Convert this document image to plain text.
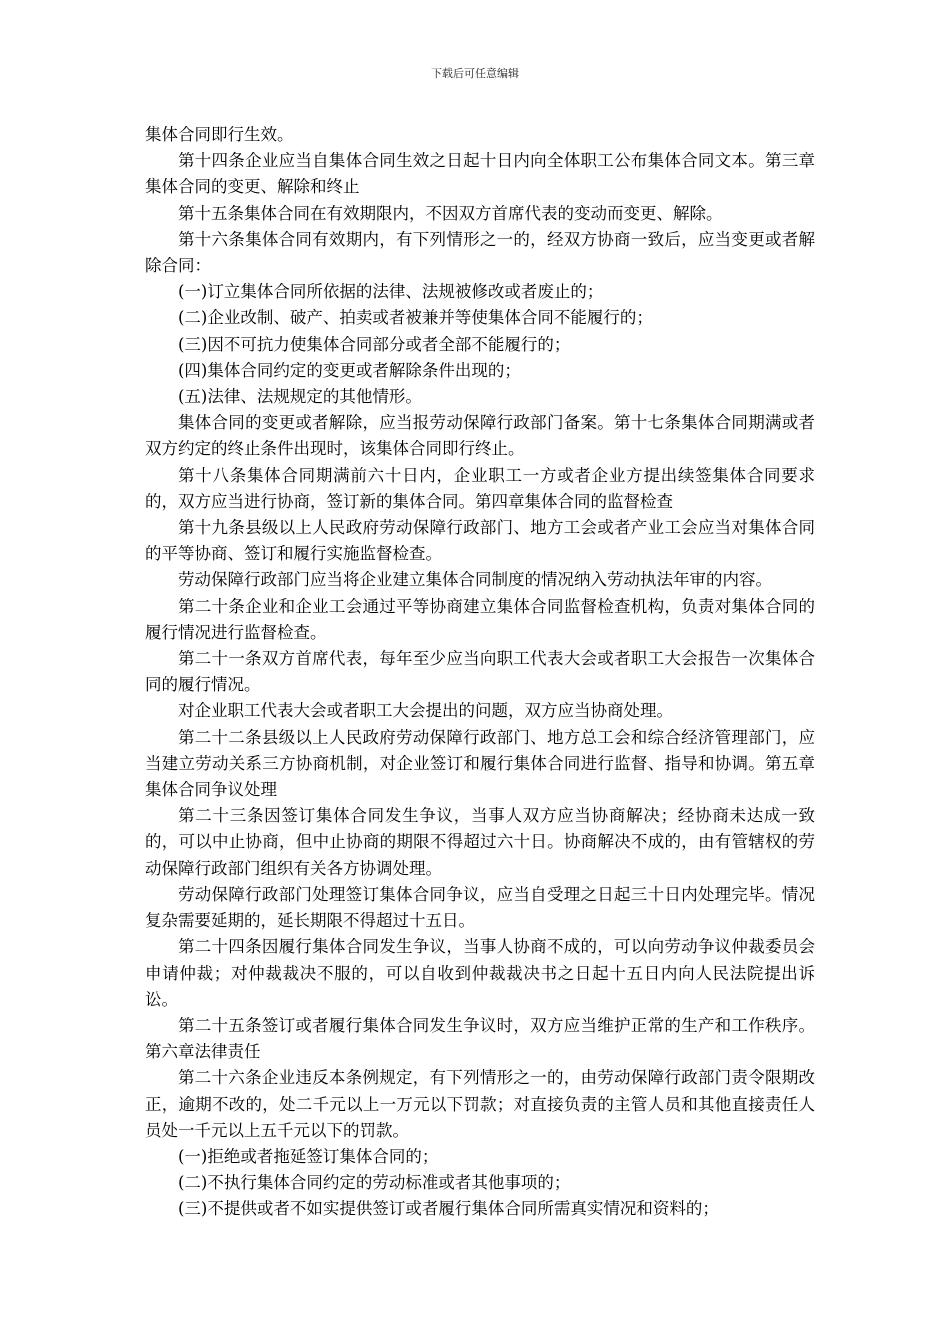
下载后可任意编辑

集体合同即行生效。

第十四条企业应当自集体合同生效之日起十日内向全体职工公布集体合同文本。第三章集体合同的变更、解除和终止

第十五条集体合同在有效期限内，不因双方首席代表的变动而变更、解除。

第十六条集体合同有效期内，有下列情形之一的，经双方协商一致后，应当变更或者解除合同：

(一)订立集体合同所依据的法律、法规被修改或者废止的；

(二)企业改制、破产、拍卖或者被兼并等使集体合同不能履行的；

(三)因不可抗力使集体合同部分或者全部不能履行的；

(四)集体合同约定的变更或者解除条件出现的；

(五)法律、法规规定的其他情形。

集体合同的变更或者解除，应当报劳动保障行政部门备案。第十七条集体合同期满或者双方约定的终止条件出现时，该集体合同即行终止。

第十八条集体合同期满前六十日内，企业职工一方或者企业方提出续签集体合同要求的，双方应当进行协商，签订新的集体合同。第四章集体合同的监督检查

第十九条县级以上人民政府劳动保障行政部门、地方工会或者产业工会应当对集体合同的平等协商、签订和履行实施监督检查。

劳动保障行政部门应当将企业建立集体合同制度的情况纳入劳动执法年审的内容。

第二十条企业和企业工会通过平等协商建立集体合同监督检查机构，负责对集体合同的履行情况进行监督检查。

第二十一条双方首席代表，每年至少应当向职工代表大会或者职工大会报告一次集体合同的履行情况。

对企业职工代表大会或者职工大会提出的问题，双方应当协商处理。

第二十二条县级以上人民政府劳动保障行政部门、地方总工会和综合经济管理部门，应当建立劳动关系三方协商机制，对企业签订和履行集体合同进行监督、指导和协调。第五章集体合同争议处理

第二十三条因签订集体合同发生争议，当事人双方应当协商解决；经协商未达成一致的，可以中止协商，但中止协商的期限不得超过六十日。协商解决不成的，由有管辖权的劳动保障行政部门组织有关各方协调处理。

劳动保障行政部门处理签订集体合同争议，应当自受理之日起三十日内处理完毕。情况复杂需要延期的，延长期限不得超过十五日。

第二十四条因履行集体合同发生争议，当事人协商不成的，可以向劳动争议仲裁委员会申请仲裁；对仲裁裁决不服的，可以自收到仲裁裁决书之日起十五日内向人民法院提出诉讼。

第二十五条签订或者履行集体合同发生争议时，双方应当维护正常的生产和工作秩序。第六章法律责任

第二十六条企业违反本条例规定，有下列情形之一的，由劳动保障行政部门责令限期改正，逾期不改的，处二千元以上一万元以下罚款；对直接负责的主管人员和其他直接责任人员处一千元以上五千元以下的罚款。

(一)拒绝或者拖延签订集体合同的；

(二)不执行集体合同约定的劳动标准或者其他事项的；

(三)不提供或者不如实提供签订或者履行集体合同所需真实情况和资料的；
